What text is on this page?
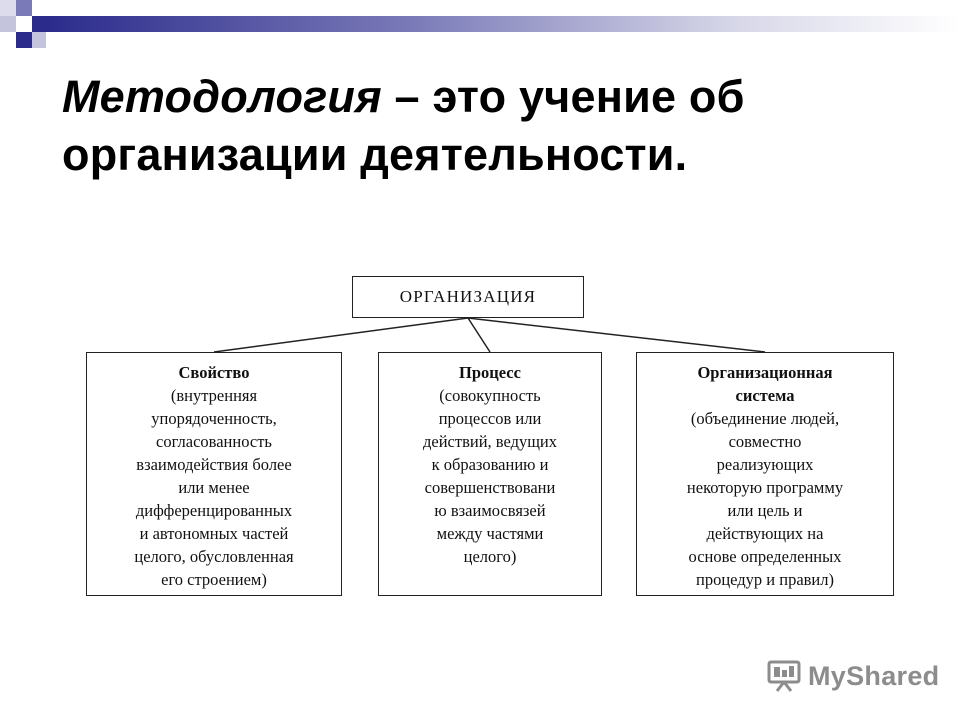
Методология – это учение об
организации деятельности.
ОРГАНИЗАЦИЯ
Свойство
(внутренняя
упорядоченность,
согласованность
взаимодействия более
или менее
дифференцированных
и автономных частей
целого, обусловленная
его строением)
Процесс
(совокупность
процессов или
действий, ведущих
к образованию и
совершенствовани
ю взаимосвязей
между частями
целого)
Организационная
система
(объединение людей,
совместно
реализующих
некоторую программу
или цель и
действующих на
основе определенных
процедур и правил)
MyShared
